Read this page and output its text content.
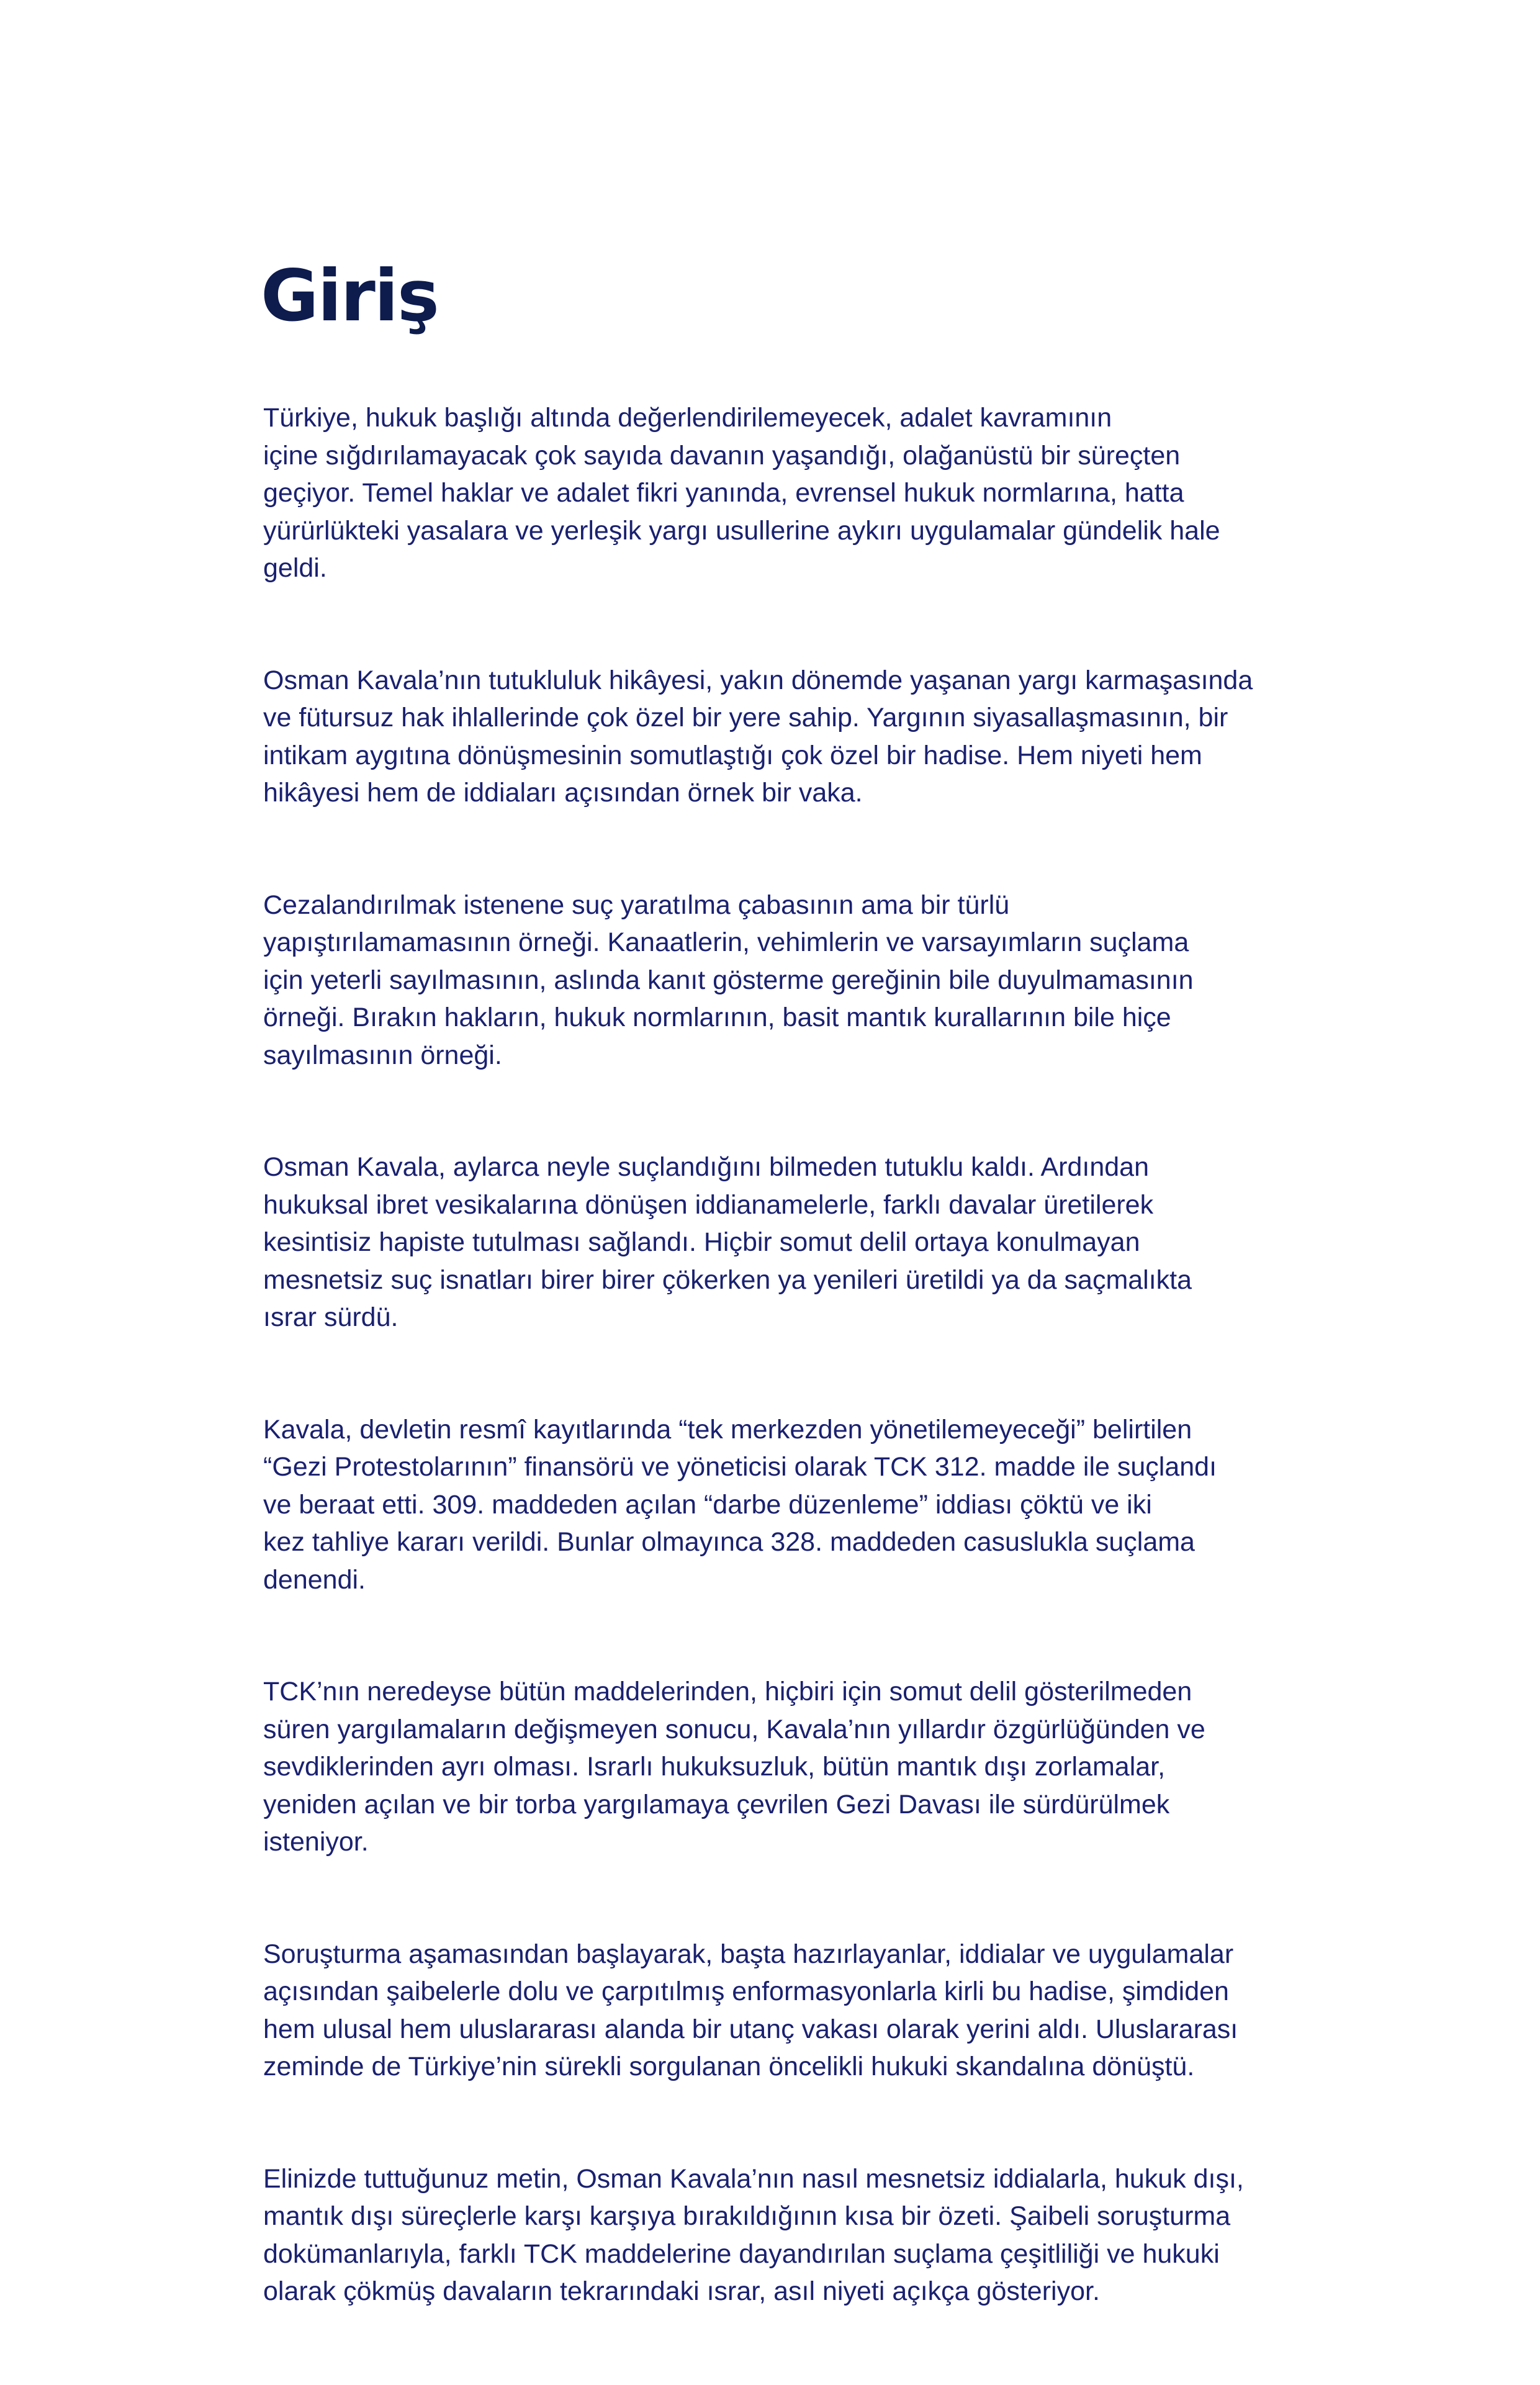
Giriş

Türkiye, hukuk başlığı altında değerlendirilemeyecek, adalet kavramının
içine sığdırılamayacak çok sayıda davanın yaşandığı, olağanüstü bir süreçten
geçiyor. Temel haklar ve adalet fikri yanında, evrensel hukuk normlarına, hatta
yürürlükteki yasalara ve yerleşik yargı usullerine aykırı uygulamalar gündelik hale
geldi.

Osman Kavala’nın tutukluluk hikâyesi, yakın dönemde yaşanan yargı karmaşasında
ve fütursuz hak ihlallerinde çok özel bir yere sahip. Yargının siyasallaşmasının, bir
intikam aygıtına dönüşmesinin somutlaştığı çok özel bir hadise. Hem niyeti hem
hikâyesi hem de iddiaları açısından örnek bir vaka.

Cezalandırılmak istenene suç yaratılma çabasının ama bir türlü
yapıştırılamamasının örneği. Kanaatlerin, vehimlerin ve varsayımların suçlama
için yeterli sayılmasının, aslında kanıt gösterme gereğinin bile duyulmamasının
örneği. Bırakın hakların, hukuk normlarının, basit mantık kurallarının bile hiçe
sayılmasının örneği.

Osman Kavala, aylarca neyle suçlandığını bilmeden tutuklu kaldı. Ardından
hukuksal ibret vesikalarına dönüşen iddianamelerle, farklı davalar üretilerek
kesintisiz hapiste tutulması sağlandı. Hiçbir somut delil ortaya konulmayan
mesnetsiz suç isnatları birer birer çökerken ya yenileri üretildi ya da saçmalıkta
ısrar sürdü.

Kavala, devletin resmî kayıtlarında “tek merkezden yönetilemeyeceği” belirtilen
“Gezi Protestolarının” finansörü ve yöneticisi olarak TCK 312. madde ile suçlandı
ve beraat etti. 309. maddeden açılan “darbe düzenleme” iddiası çöktü ve iki
kez tahliye kararı verildi. Bunlar olmayınca 328. maddeden casuslukla suçlama
denendi.

TCK’nın neredeyse bütün maddelerinden, hiçbiri için somut delil gösterilmeden
süren yargılamaların değişmeyen sonucu, Kavala’nın yıllardır özgürlüğünden ve
sevdiklerinden ayrı olması. Israrlı hukuksuzluk, bütün mantık dışı zorlamalar,
yeniden açılan ve bir torba yargılamaya çevrilen Gezi Davası ile sürdürülmek
isteniyor.

Soruşturma aşamasından başlayarak, başta hazırlayanlar, iddialar ve uygulamalar
açısından şaibelerle dolu ve çarpıtılmış enformasyonlarla kirli bu hadise, şimdiden
hem ulusal hem uluslararası alanda bir utanç vakası olarak yerini aldı. Uluslararası
zeminde de Türkiye’nin sürekli sorgulanan öncelikli hukuki skandalına dönüştü.

Elinizde tuttuğunuz metin, Osman Kavala’nın nasıl mesnetsiz iddialarla, hukuk dışı,
mantık dışı süreçlerle karşı karşıya bırakıldığının kısa bir özeti. Şaibeli soruşturma
dokümanlarıyla, farklı TCK maddelerine dayandırılan suçlama çeşitliliği ve hukuki
olarak çökmüş davaların tekrarındaki ısrar, asıl niyeti açıkça gösteriyor.
